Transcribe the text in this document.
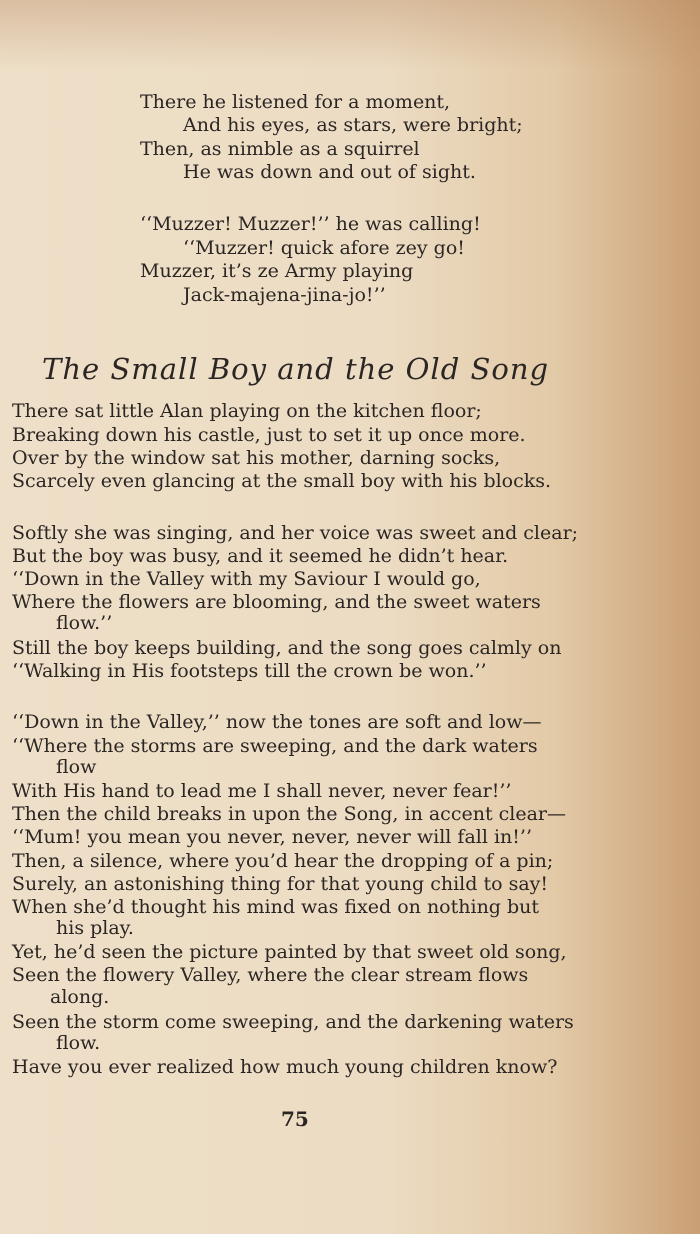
There he listened for a moment,
And his eyes, as stars, were bright;
Then, as nimble as a squirrel
He was down and out of sight.
‘‘Muzzer! Muzzer!’’ he was calling!
‘‘Muzzer! quick afore zey go!
Muzzer, it’s ze Army playing
Jack-majena-jina-jo!’’
The Small Boy and the Old Song
There sat little Alan playing on the kitchen floor;
Breaking down his castle, just to set it up once more.
Over by the window sat his mother, darning socks,
Scarcely even glancing at the small boy with his blocks.
Softly she was singing, and her voice was sweet and clear;
But the boy was busy, and it seemed he didn’t hear.
‘‘Down in the Valley with my Saviour I would go,
Where the flowers are blooming, and the sweet waters
flow.’’
Still the boy keeps building, and the song goes calmly on
‘‘Walking in His footsteps till the crown be won.’’
‘‘Down in the Valley,’’ now the tones are soft and low—
‘‘Where the storms are sweeping, and the dark waters
flow
With His hand to lead me I shall never, never fear!’’
Then the child breaks in upon the Song, in accent clear—
‘‘Mum! you mean you never, never, never will fall in!’’
Then, a silence, where you’d hear the dropping of a pin;
Surely, an astonishing thing for that young child to say!
When she’d thought his mind was fixed on nothing but
his play.
Yet, he’d seen the picture painted by that sweet old song,
Seen the flowery Valley, where the clear stream flows
along.
Seen the storm come sweeping, and the darkening waters
flow.
Have you ever realized how much young children know?
75
